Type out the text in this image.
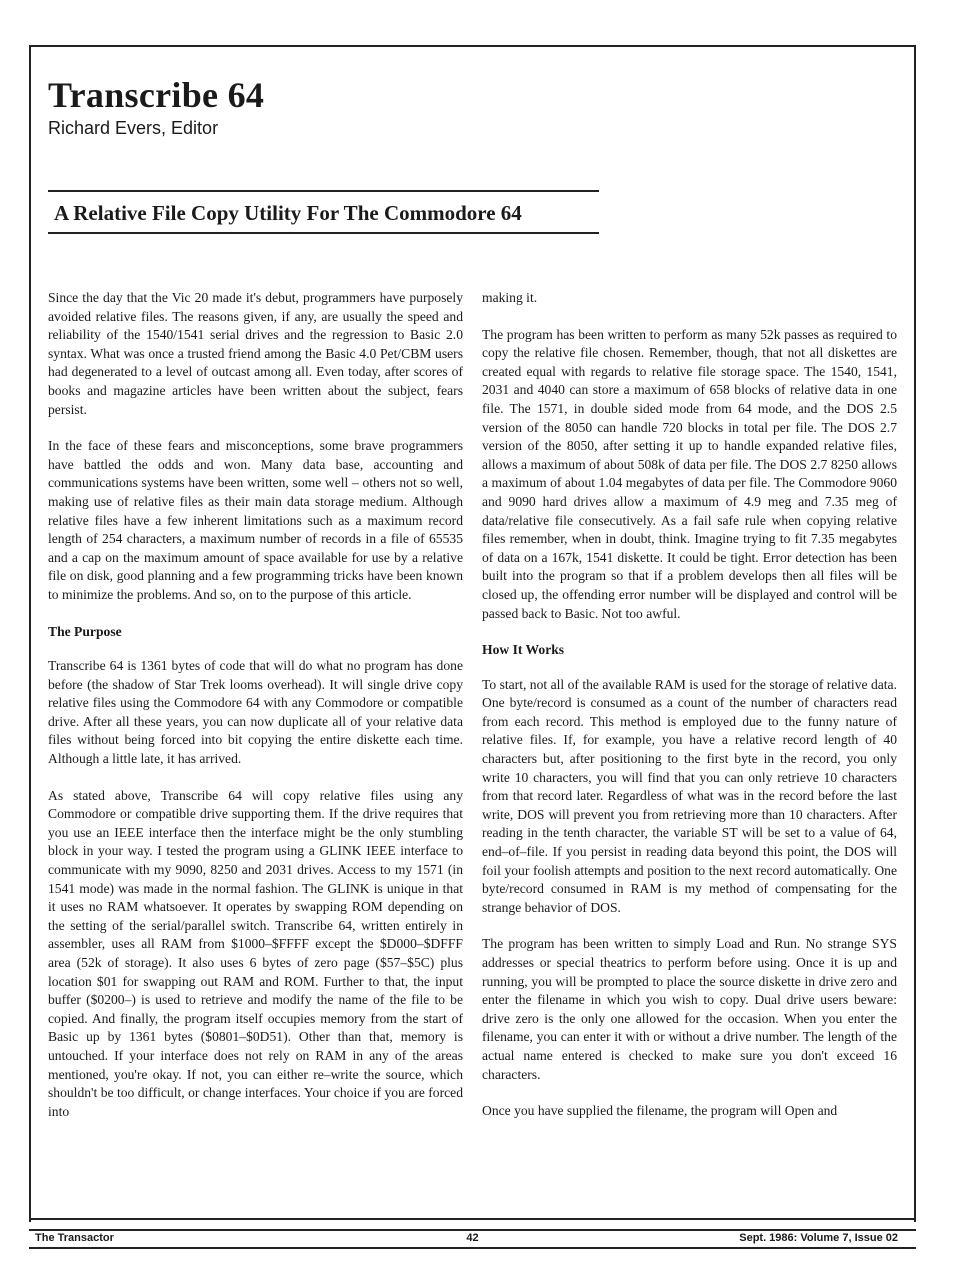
Transcribe 64
Richard Evers, Editor
A Relative File Copy Utility For The Commodore 64

Since the day that the Vic 20 made it's debut, programmers have purposely avoided relative files. The reasons given, if any, are usually the speed and reliability of the 1540/1541 serial drives and the regression to Basic 2.0 syntax. What was once a trusted friend among the Basic 4.0 Pet/CBM users had degenerated to a level of outcast among all. Even today, after scores of books and magazine articles have been written about the subject, fears persist.

In the face of these fears and misconceptions, some brave programmers have battled the odds and won. Many data base, accounting and communications systems have been written, some well – others not so well, making use of relative files as their main data storage medium. Although relative files have a few inherent limitations such as a maximum record length of 254 characters, a maximum number of records in a file of 65535 and a cap on the maximum amount of space available for use by a relative file on disk, good planning and a few programming tricks have been known to minimize the problems. And so, on to the purpose of this article.

The Purpose

Transcribe 64 is 1361 bytes of code that will do what no program has done before (the shadow of Star Trek looms overhead). It will single drive copy relative files using the Commodore 64 with any Commodore or compatible drive. After all these years, you can now duplicate all of your relative data files without being forced into bit copying the entire diskette each time. Although a little late, it has arrived.

As stated above, Transcribe 64 will copy relative files using any Commodore or compatible drive supporting them. If the drive requires that you use an IEEE interface then the interface might be the only stumbling block in your way. I tested the program using a GLINK IEEE interface to communicate with my 9090, 8250 and 2031 drives. Access to my 1571 (in 1541 mode) was made in the normal fashion. The GLINK is unique in that it uses no RAM whatsoever. It operates by swapping ROM depending on the setting of the serial/parallel switch. Transcribe 64, written entirely in assembler, uses all RAM from $1000–$FFFF except the $D000–$DFFF area (52k of storage). It also uses 6 bytes of zero page ($57–$5C) plus location $01 for swapping out RAM and ROM. Further to that, the input buffer ($0200–) is used to retrieve and modify the name of the file to be copied. And finally, the program itself occupies memory from the start of Basic up by 1361 bytes ($0801–$0D51). Other than that, memory is untouched. If your interface does not rely on RAM in any of the areas mentioned, you're okay. If not, you can either re–write the source, which shouldn't be too difficult, or change interfaces. Your choice if you are forced into

making it.

The program has been written to perform as many 52k passes as required to copy the relative file chosen. Remember, though, that not all diskettes are created equal with regards to relative file storage space. The 1540, 1541, 2031 and 4040 can store a maximum of 658 blocks of relative data in one file. The 1571, in double sided mode from 64 mode, and the DOS 2.5 version of the 8050 can handle 720 blocks in total per file. The DOS 2.7 version of the 8050, after setting it up to handle expanded relative files, allows a maximum of about 508k of data per file. The DOS 2.7 8250 allows a maximum of about 1.04 megabytes of data per file. The Commodore 9060 and 9090 hard drives allow a maximum of 4.9 meg and 7.35 meg of data/relative file consecutively. As a fail safe rule when copying relative files remember, when in doubt, think. Imagine trying to fit 7.35 megabytes of data on a 167k, 1541 diskette. It could be tight. Error detection has been built into the program so that if a problem develops then all files will be closed up, the offending error number will be displayed and control will be passed back to Basic. Not too awful.

How It Works

To start, not all of the available RAM is used for the storage of relative data. One byte/record is consumed as a count of the number of characters read from each record. This method is employed due to the funny nature of relative files. If, for example, you have a relative record length of 40 characters but, after positioning to the first byte in the record, you only write 10 characters, you will find that you can only retrieve 10 characters from that record later. Regardless of what was in the record before the last write, DOS will prevent you from retrieving more than 10 characters. After reading in the tenth character, the variable ST will be set to a value of 64, end–of–file. If you persist in reading data beyond this point, the DOS will foil your foolish attempts and position to the next record automatically. One byte/record consumed in RAM is my method of compensating for the strange behavior of DOS.

The program has been written to simply Load and Run. No strange SYS addresses or special theatrics to perform before using. Once it is up and running, you will be prompted to place the source diskette in drive zero and enter the filename in which you wish to copy. Dual drive users beware: drive zero is the only one allowed for the occasion. When you enter the filename, you can enter it with or without a drive number. The length of the actual name entered is checked to make sure you don't exceed 16 characters.

Once you have supplied the filename, the program will Open and

The Transactor	42	Sept. 1986: Volume 7, Issue 02
